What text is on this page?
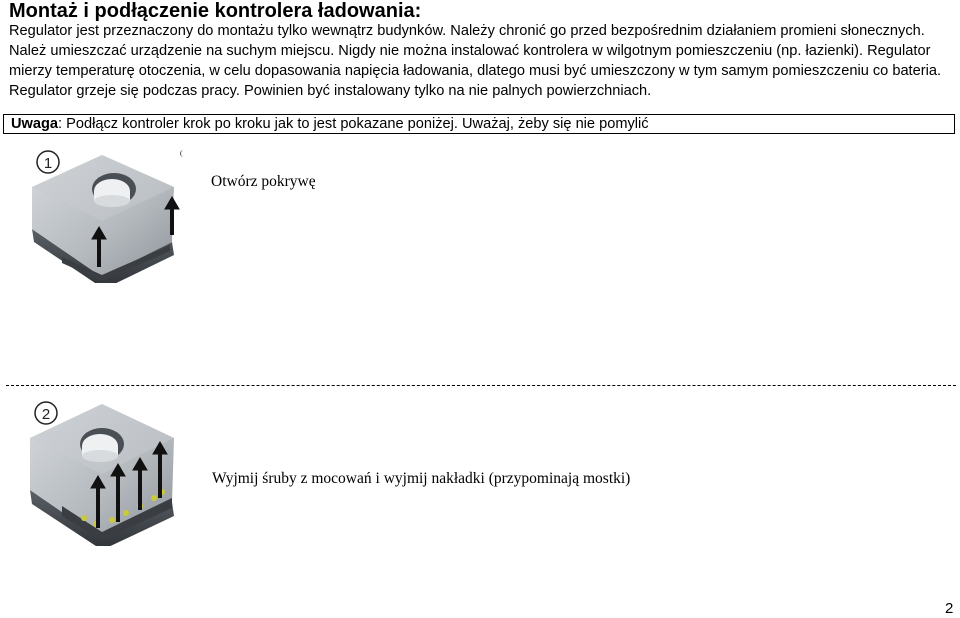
Montaż i podłączenie kontrolera ładowania:

Regulator jest przeznaczony do montażu tylko wewnątrz budynków. Należy chronić go przed bezpośrednim działaniem promieni słonecznych.

Należ umieszczać urządzenie na suchym miejscu. Nigdy nie można instalować kontrolera w wilgotnym pomieszczeniu (np. łazienki). Regulator

mierzy temperaturę otoczenia, w celu dopasowania napięcia ładowania, dlatego musi być umieszczony w tym samym pomieszczeniu co bateria.

Regulator grzeje się podczas pracy. Powinien być instalowany tylko na nie palnych powierzchniach.

Uwaga: Podłącz kontroler krok po kroku jak to jest pokazane poniżej. Uważaj, żeby się nie pomylić
1
Otwórz pokrywę
2
Wyjmij śruby z mocowań i wyjmij nakładki (przypominają mostki)
2
